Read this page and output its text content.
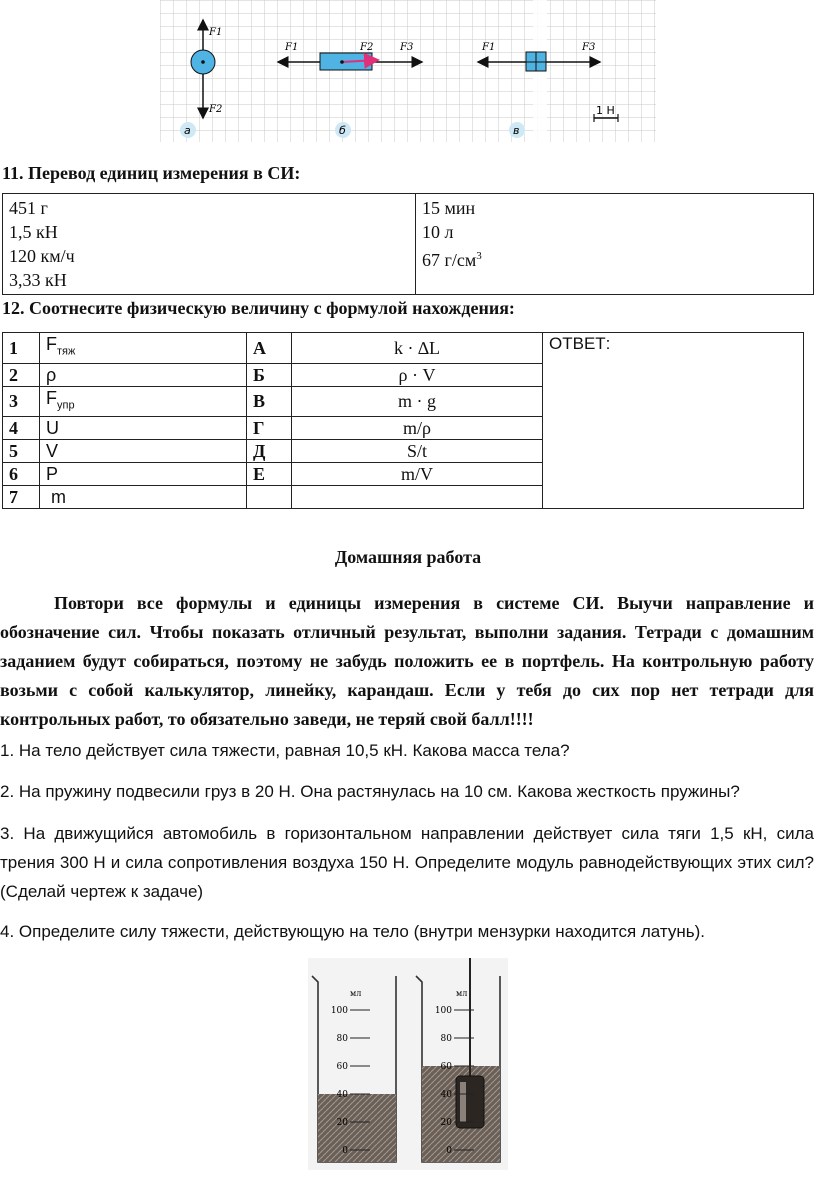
F1
F2
а
F1	F2	F3
б
F1	F3
в
1 Н
11. Перевод единиц измерения в СИ:
451 г
1,5 кН
120 км/ч
3,33 кН

15 мин
10 л
67 $г/см^3$
12. Соотнесите физическую величину с формулой нахождения:
1	$F_{тяж}$	А	k · ∆L	ОТВЕТ:
2	ρ	Б	ρ · V	
3	$F_{упр}$	В	m · g	
4	U	Г	m/ρ	
5	V	Д	S/t	
6	P	Е	m/V	
7	m			
Домашняя работа
Повтори все формулы и единицы измерения в системе СИ. Выучи направление и обозначение сил. Чтобы показать отличный результат, выполни задания. Тетради с домашним заданием будут собираться, поэтому не забудь положить ее в портфель. На контрольную работу возьми с собой калькулятор, линейку, карандаш. Если у тебя до сих пор нет тетради для контрольных работ, то обязательно заведи, не теряй свой балл!!!!
1. На тело действует сила тяжести, равная 10,5 кН. Какова масса тела?
2. На пружину подвесили груз в 20 Н. Она растянулась на 10 см. Какова жесткость пружины?
3. На движущийся автомобиль в горизонтальном направлении действует сила тяги 1,5 кН, сила трения 300 Н и сила сопротивления воздуха 150 Н. Определите модуль равнодействующих этих сил? (Сделай чертеж к задаче)
4. Определите силу тяжести, действующую на тело (внутри мензурки находится латунь).
мл
100
80
60
40
20
0
мл
100
80
60
40
20
0
